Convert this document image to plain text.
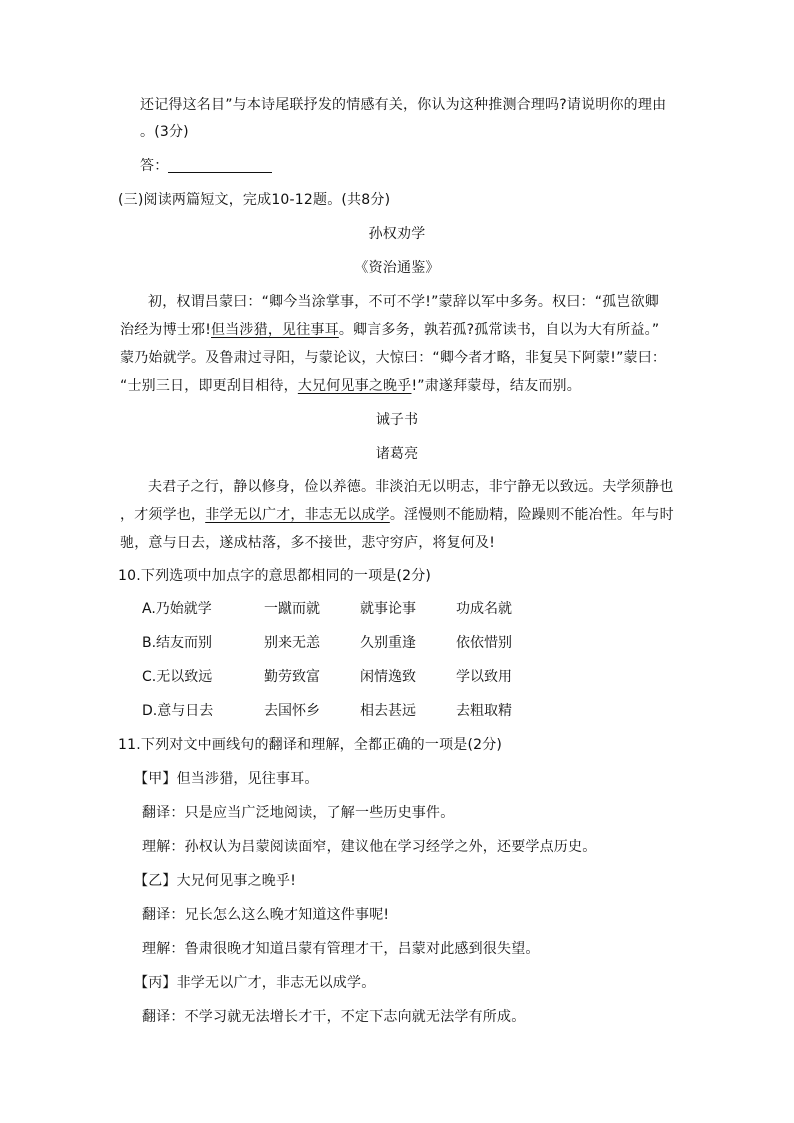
还记得这名目”与本诗尾联抒发的情感有关，你认为这种推测合理吗?请说明你的理由
。(3分)
答：
(三)阅读两篇短文，完成10-12题。(共8分)
孙权劝学
《资治通鉴》
初，权谓吕蒙曰：“卿今当涂掌事，不可不学!”蒙辞以军中多务。权曰：“孤岂欲卿
治经为博士邪!但当涉猎，见往事耳。卿言多务，孰若孤?孤常读书，自以为大有所益。”
蒙乃始就学。及鲁肃过寻阳，与蒙论议，大惊曰：“卿今者才略，非复吴下阿蒙!”蒙曰：
“士别三日，即更刮目相待，大兄何见事之晚乎!”肃遂拜蒙母，结友而别。
诫子书
诸葛亮
夫君子之行，静以修身，俭以养德。非淡泊无以明志，非宁静无以致远。夫学须静也
，才须学也，非学无以广才，非志无以成学。淫慢则不能励精，险躁则不能冶性。年与时
驰，意与日去，遂成枯落，多不接世，悲守穷庐，将复何及!
10.下列选项中加点字的意思都相同的一项是(2分)
A.乃始就学	一蹴而就	就事论事	功成名就
B.结友而别	别来无恙	久别重逢	依依惜别
C.无以致远	勤劳致富	闲情逸致	学以致用
D.意与日去	去国怀乡	相去甚远	去粗取精
11.下列对文中画线句的翻译和理解，全都正确的一项是(2分)
【甲】但当涉猎，见往事耳。
翻译：只是应当广泛地阅读，了解一些历史事件。
理解：孙权认为吕蒙阅读面窄，建议他在学习经学之外，还要学点历史。
【乙】大兄何见事之晚乎!
翻译：兄长怎么这么晚才知道这件事呢!
理解：鲁肃很晚才知道吕蒙有管理才干，吕蒙对此感到很失望。
【丙】非学无以广才，非志无以成学。
翻译：不学习就无法增长才干，不定下志向就无法学有所成。
